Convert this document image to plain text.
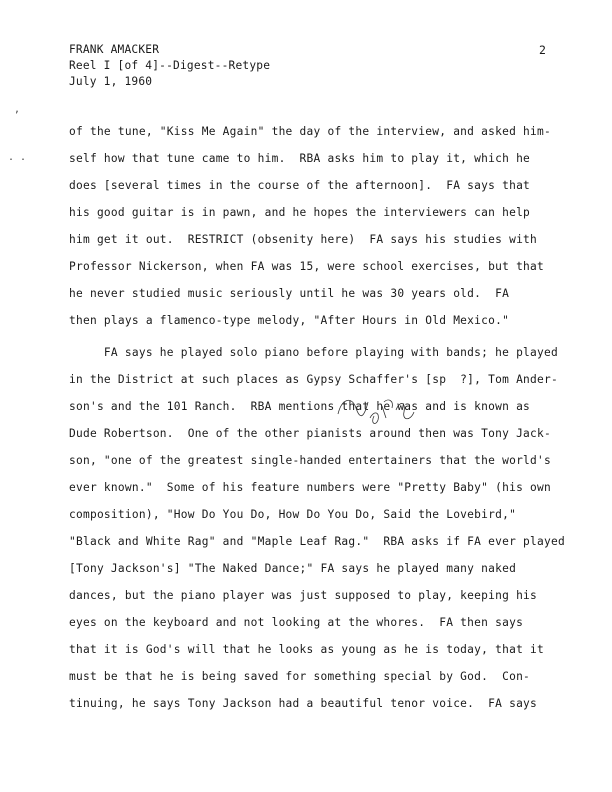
FRANK AMACKER
Reel I [of 4]--Digest--Retype
July 1, 1960
2
,
. .
of the tune, "Kiss Me Again" the day of the interview, and asked him-
self how that tune came to him.  RBA asks him to play it, which he
does [several times in the course of the afternoon].  FA says that
his good guitar is in pawn, and he hopes the interviewers can help
him get it out.  RESTRICT (obsenity here)  FA says his studies with
Professor Nickerson, when FA was 15, were school exercises, but that
he never studied music seriously until he was 30 years old.  FA
then plays a flamenco-type melody, "After Hours in Old Mexico."
FA says he played solo piano before playing with bands; he played
in the District at such places as Gypsy Schaffer's [sp  ?], Tom Ander-
son's and the 101 Ranch.  RBA mentions that he was and is known as
Dude Robertson.  One of the other pianists around then was Tony Jack-
son, "one of the greatest single-handed entertainers that the world's
ever known."  Some of his feature numbers were "Pretty Baby" (his own
composition), "How Do You Do, How Do You Do, Said the Lovebird,"
"Black and White Rag" and "Maple Leaf Rag."  RBA asks if FA ever played
[Tony Jackson's] "The Naked Dance;" FA says he played many naked
dances, but the piano player was just supposed to play, keeping his
eyes on the keyboard and not looking at the whores.  FA then says
that it is God's will that he looks as young as he is today, that it
must be that he is being saved for something special by God.  Con-
tinuing, he says Tony Jackson had a beautiful tenor voice.  FA says
